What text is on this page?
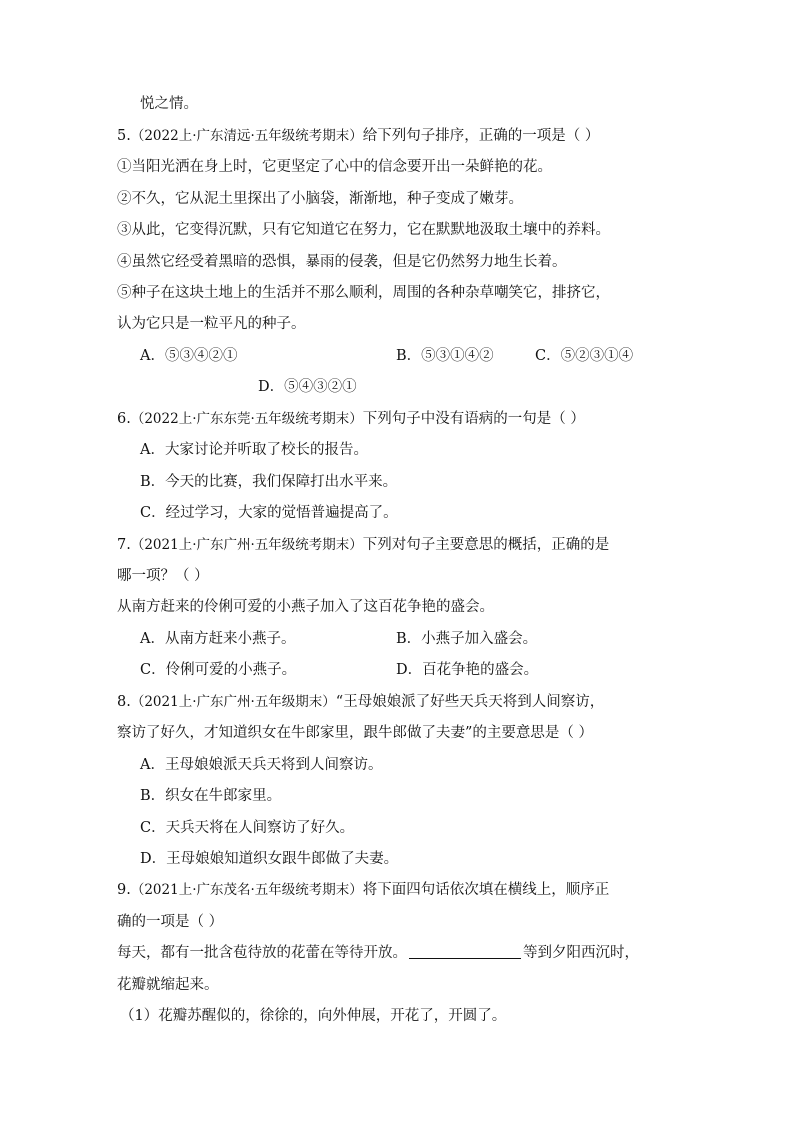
悦之情。
5.（2022上·广东清远·五年级统考期末）给下列句子排序，正确的一项是（ ）
①当阳光洒在身上时，它更坚定了心中的信念要开出一朵鲜艳的花。
②不久，它从泥土里探出了小脑袋，渐渐地，种子变成了嫩芽。
③从此，它变得沉默，只有它知道它在努力，它在默默地汲取土壤中的养料。
④虽然它经受着黑暗的恐惧，暴雨的侵袭，但是它仍然努力地生长着。
⑤种子在这块土地上的生活并不那么顺利，周围的各种杂草嘲笑它，排挤它，
认为它只是一粒平凡的种子。
A．⑤③④②①	B．⑤③①④②	C．⑤②③①④
D．⑤④③②①
6.（2022上·广东东莞·五年级统考期末）下列句子中没有语病的一句是（ ）
A．大家讨论并听取了校长的报告。
B．今天的比赛，我们保障打出水平来。
C．经过学习，大家的觉悟普遍提高了。
7.（2021上·广东广州·五年级统考期末）下列对句子主要意思的概括，正确的是
哪一项？（ ）
从南方赶来的伶俐可爱的小燕子加入了这百花争艳的盛会。
A．从南方赶来小燕子。	B．小燕子加入盛会。
C．伶俐可爱的小燕子。	D．百花争艳的盛会。
8.（2021上·广东广州·五年级期末）“王母娘娘派了好些天兵天将到人间察访，
察访了好久，才知道织女在牛郎家里，跟牛郎做了夫妻”的主要意思是（ ）
A．王母娘娘派天兵天将到人间察访。
B．织女在牛郎家里。
C．天兵天将在人间察访了好久。
D．王母娘娘知道织女跟牛郎做了夫妻。
9.（2021上·广东茂名·五年级统考期末）将下面四句话依次填在横线上，顺序正
确的一项是（ ）
每天，都有一批含苞待放的花蕾在等待开放。	等到夕阳西沉时，
花瓣就缩起来。
（1）花瓣苏醒似的，徐徐的，向外伸展，开花了，开圆了。
